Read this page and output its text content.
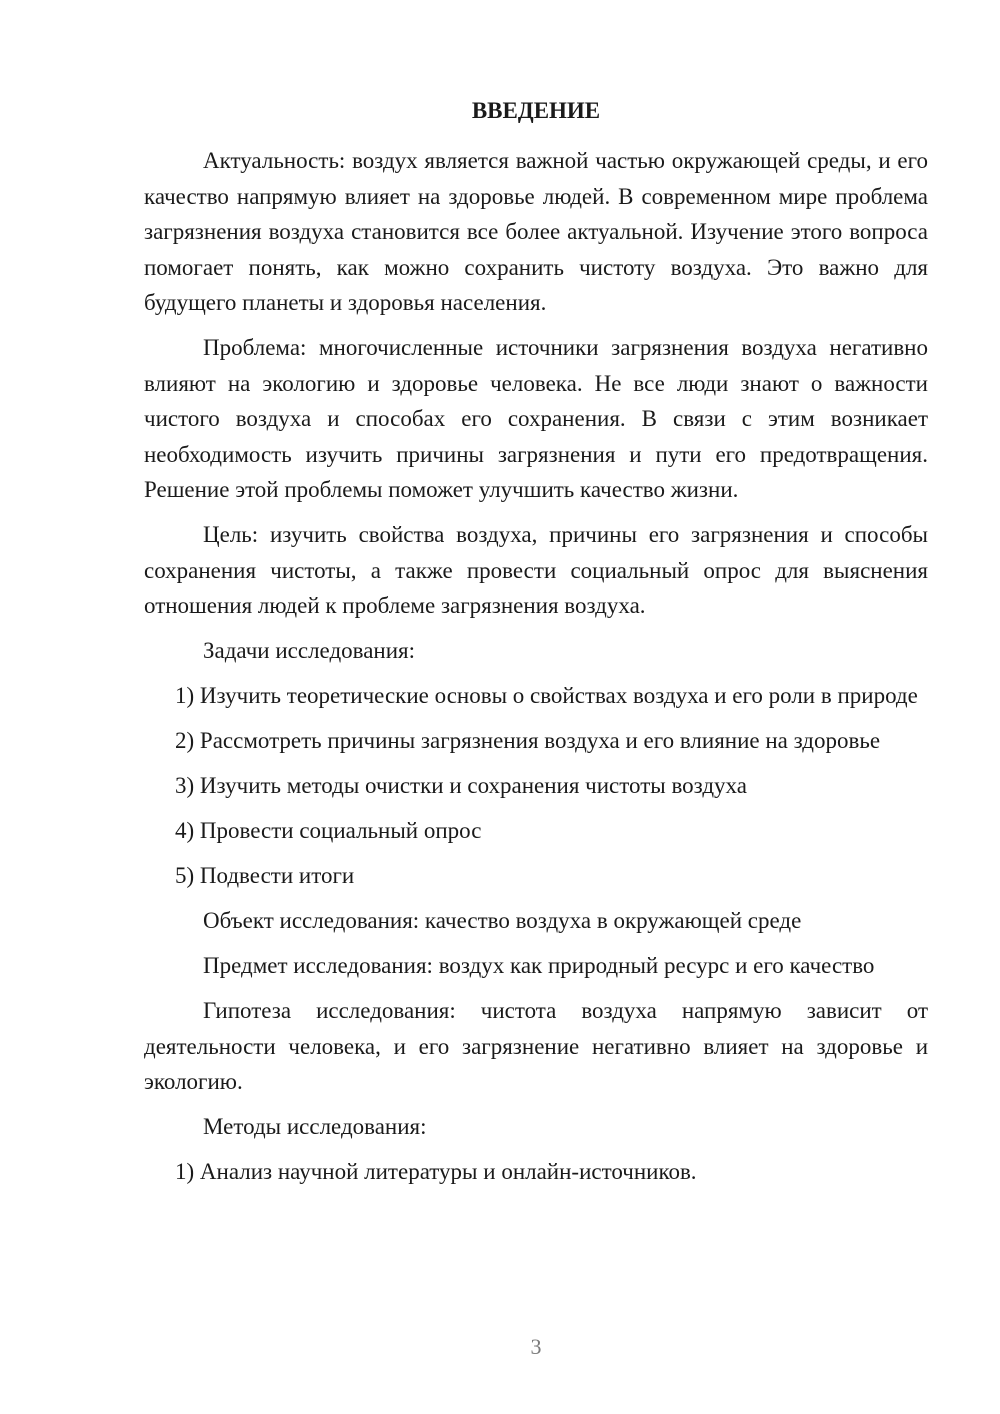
ВВЕДЕНИЕ

Актуальность: воздух является важной частью окружающей среды, и его качество напрямую влияет на здоровье людей. В современном мире проблема загрязнения воздуха становится все более актуальной. Изучение этого вопроса помогает понять, как можно сохранить чистоту воздуха. Это важно для будущего планеты и здоровья населения.

Проблема: многочисленные источники загрязнения воздуха негативно влияют на экологию и здоровье человека. Не все люди знают о важности чистого воздуха и способах его сохранения. В связи с этим возникает необходимость изучить причины загрязнения и пути его предотвращения. Решение этой проблемы поможет улучшить качество жизни.

Цель: изучить свойства воздуха, причины его загрязнения и способы сохранения чистоты, а также провести социальный опрос для выяснения отношения людей к проблеме загрязнения воздуха.

Задачи исследования:

1) Изучить теоретические основы о свойствах воздуха и его роли в природе

2) Рассмотреть причины загрязнения воздуха и его влияние на здоровье

3) Изучить методы очистки и сохранения чистоты воздуха

4) Провести социальный опрос

5) Подвести итоги

Объект исследования: качество воздуха в окружающей среде

Предмет исследования: воздух как природный ресурс и его качество

Гипотеза исследования: чистота воздуха напрямую зависит от деятельности человека, и его загрязнение негативно влияет на здоровье и экологию.

Методы исследования:

1) Анализ научной литературы и онлайн-источников.

3
